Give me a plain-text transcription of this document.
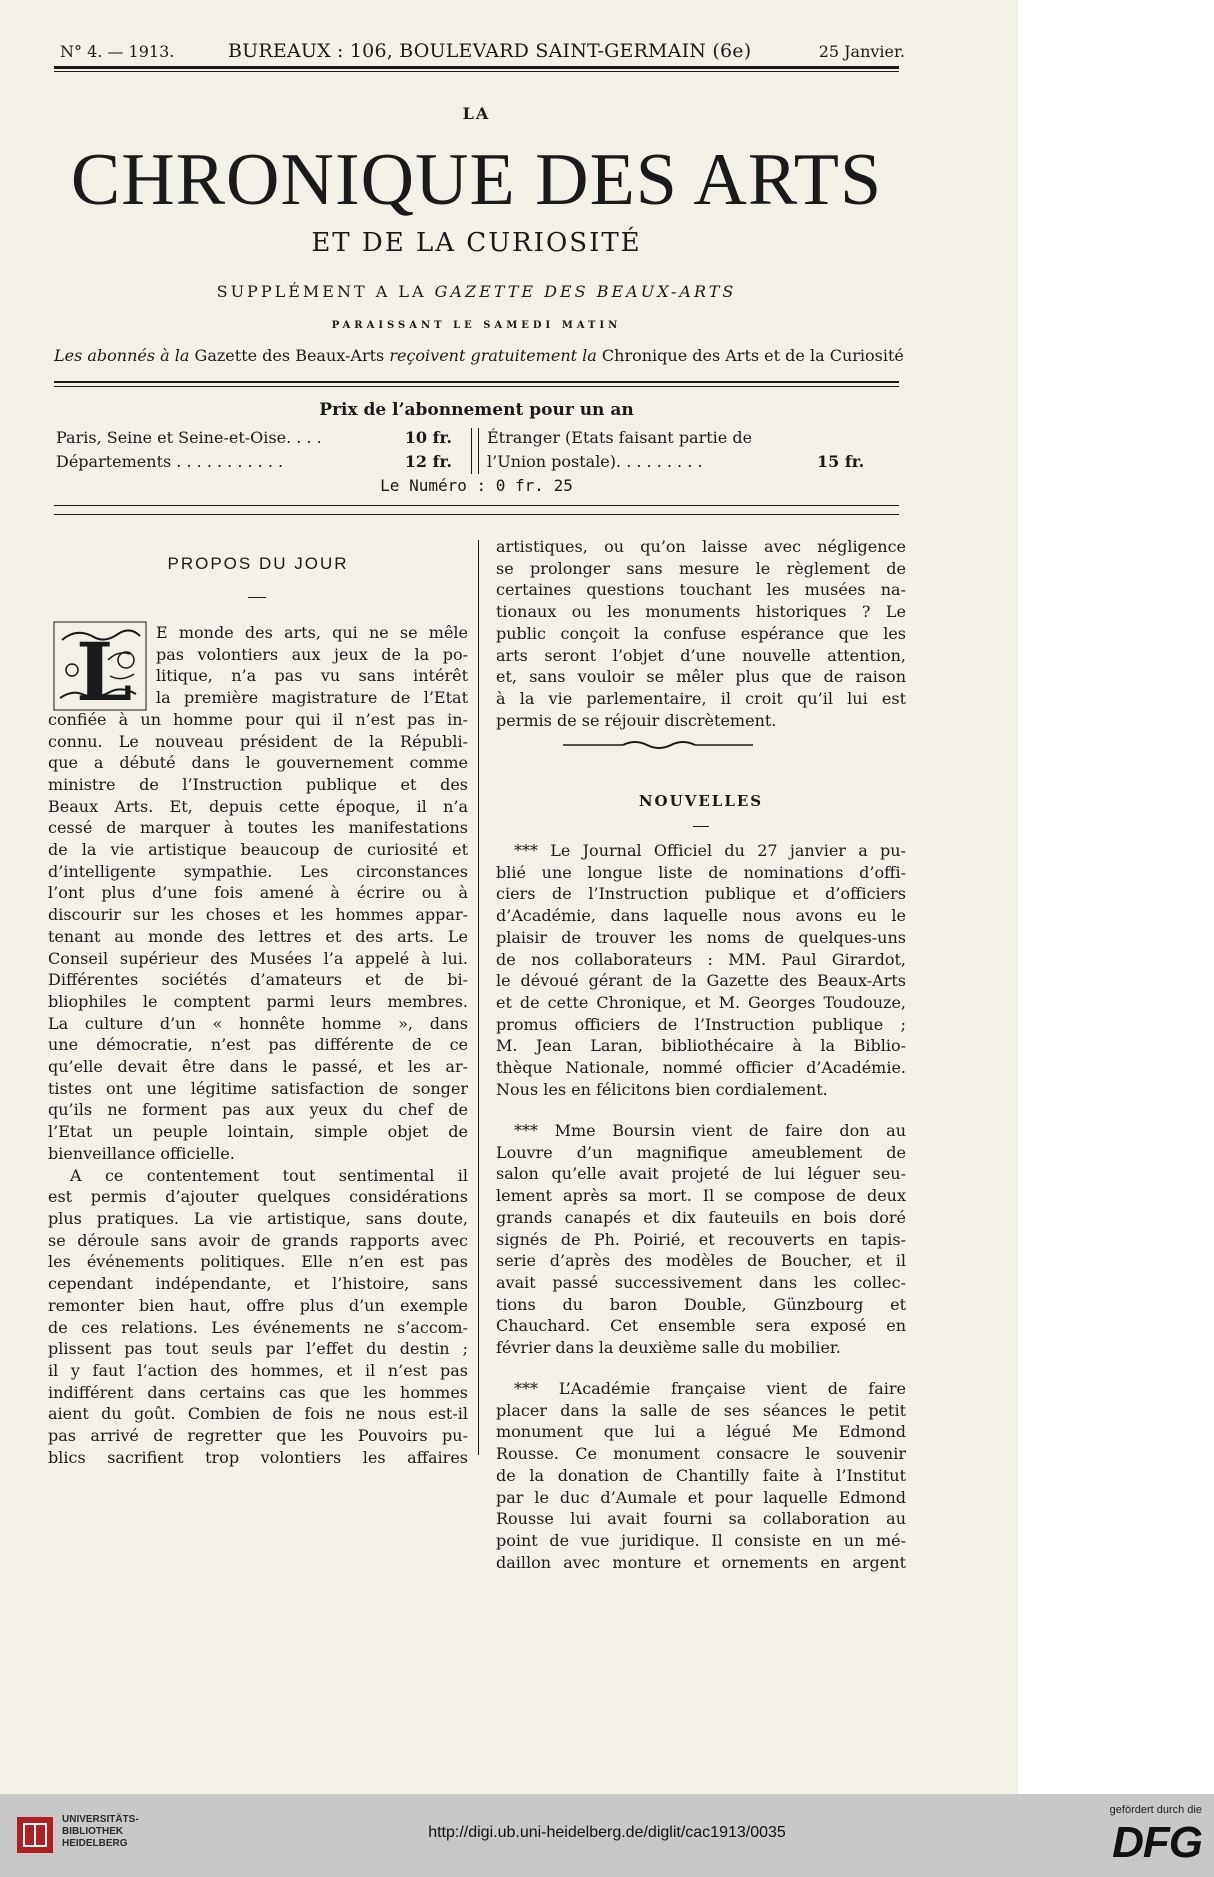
N° 4. — 1913.	BUREAUX : 106, BOULEVARD SAINT-GERMAIN (6e)	25 Janvier.
LA
CHRONIQUE DES ARTS
ET DE LA CURIOSITÉ
SUPPLÉMENT A LA GAZETTE DES BEAUX-ARTS
PARAISSANT LE SAMEDI MATIN
Les abonnés à la Gazette des Beaux-Arts reçoivent gratuitement la Chronique des Arts et de la Curiosité
Prix de l’abonnement pour un an
Paris, Seine et Seine-et-Oise. . . .	10 fr.
Départements . . . . . . . . . . .	12 fr.
Étranger (Etats faisant partie de
l’Union postale). . . . . . . . .	15 fr.
Le Numéro : 0 fr. 25
PROPOS DU JOUR
L E monde des arts, qui ne se mêle
pas volontiers aux jeux de la po-
litique, n’a pas vu sans intérêt
la première magistrature de l’Etat
confiée à un homme pour qui il n’est pas in-
connu. Le nouveau président de la Républi-
que a débuté dans le gouvernement comme
ministre de l’Instruction publique et des
Beaux Arts. Et, depuis cette époque, il n’a
cessé de marquer à toutes les manifestations
de la vie artistique beaucoup de curiosité et
d’intelligente sympathie. Les circonstances
l’ont plus d’une fois amené à écrire ou à
discourir sur les choses et les hommes appar-
tenant au monde des lettres et des arts. Le
Conseil supérieur des Musées l’a appelé à lui.
Différentes sociétés d’amateurs et de bi-
bliophiles le comptent parmi leurs membres.
La culture d’un « honnête homme », dans
une démocratie, n’est pas différente de ce
qu’elle devait être dans le passé, et les ar-
tistes ont une légitime satisfaction de songer
qu’ils ne forment pas aux yeux du chef de
l’Etat un peuple lointain, simple objet de
bienveillance officielle.
A ce contentement tout sentimental il
est permis d’ajouter quelques considérations
plus pratiques. La vie artistique, sans doute,
se déroule sans avoir de grands rapports avec
les événements politiques. Elle n’en est pas
cependant indépendante, et l’histoire, sans
remonter bien haut, offre plus d’un exemple
de ces relations. Les événements ne s’accom-
plissent pas tout seuls par l’effet du destin ;
il y faut l’action des hommes, et il n’est pas
indifférent dans certains cas que les hommes
aient du goût. Combien de fois ne nous est-il
pas arrivé de regretter que les Pouvoirs pu-
blics sacrifient trop volontiers les affaires
artistiques, ou qu’on laisse avec négligence
se prolonger sans mesure le règlement de
certaines questions touchant les musées na-
tionaux ou les monuments historiques ? Le
public conçoit la confuse espérance que les
arts seront l’objet d’une nouvelle attention,
et, sans vouloir se mêler plus que de raison
à la vie parlementaire, il croit qu’il lui est
permis de se réjouir discrètement.
NOUVELLES
*** Le Journal Officiel du 27 janvier a pu-
blié une longue liste de nominations d’offi-
ciers de l’Instruction publique et d’officiers
d’Académie, dans laquelle nous avons eu le
plaisir de trouver les noms de quelques-uns
de nos collaborateurs : MM. Paul Girardot,
le dévoué gérant de la Gazette des Beaux-Arts
et de cette Chronique, et M. Georges Toudouze,
promus officiers de l’Instruction publique ;
M. Jean Laran, bibliothécaire à la Biblio-
thèque Nationale, nommé officier d’Académie.
Nous les en félicitons bien cordialement.
*** Mme Boursin vient de faire don au
Louvre d’un magnifique ameublement de
salon qu’elle avait projeté de lui léguer seu-
lement après sa mort. Il se compose de deux
grands canapés et dix fauteuils en bois doré
signés de Ph. Poirié, et recouverts en tapis-
serie d’après des modèles de Boucher, et il
avait passé successivement dans les collec-
tions du baron Double, Günzbourg et
Chauchard. Cet ensemble sera exposé en
février dans la deuxième salle du mobilier.
*** L’Académie française vient de faire
placer dans la salle de ses séances le petit
monument que lui a légué Me Edmond
Rousse. Ce monument consacre le souvenir
de la donation de Chantilly faite à l’Institut
par le duc d’Aumale et pour laquelle Edmond
Rousse lui avait fourni sa collaboration au
point de vue juridique. Il consiste en un mé-
daillon avec monture et ornements en argent
UNIVERSITÄTS-
BIBLIOTHEK
HEIDELBERG
http://digi.ub.uni-heidelberg.de/diglit/cac1913/0035
gefördert durch die
DFG
